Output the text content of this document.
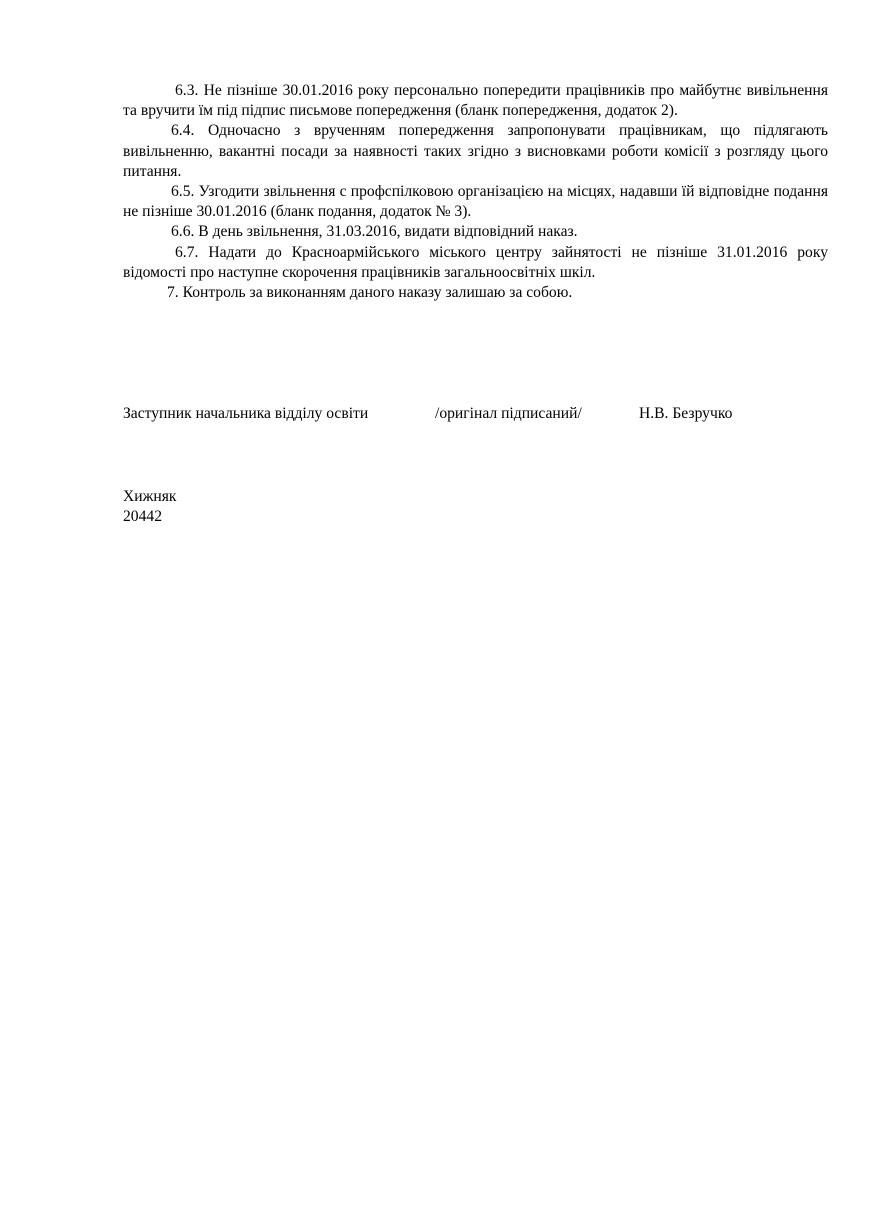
6.3. Не пізніше 30.01.2016 року персонально попередити працівників про майбутнє вивільнення та вручити їм під підпис письмове попередження (бланк попередження, додаток 2).

6.4. Одночасно з врученням попередження запропонувати працівникам, що підлягають вивільненню, вакантні посади за наявності таких згідно з висновками роботи комісії з розгляду цього питання.

6.5. Узгодити звільнення с профспілковою організацією на місцях, надавши їй відповідне подання не пізніше 30.01.2016 (бланк подання, додаток № 3).

6.6. В день звільнення, 31.03.2016, видати відповідний наказ.

6.7. Надати до Красноармійського міського центру зайнятості не пізніше 31.01.2016 року відомості про наступне скорочення працівників загальноосвітніх шкіл.

7. Контроль за виконанням даного наказу залишаю за собою.

Заступник начальника відділу освіти	/оригінал підписаний/	Н.В. Безручко
Хижняк
20442
